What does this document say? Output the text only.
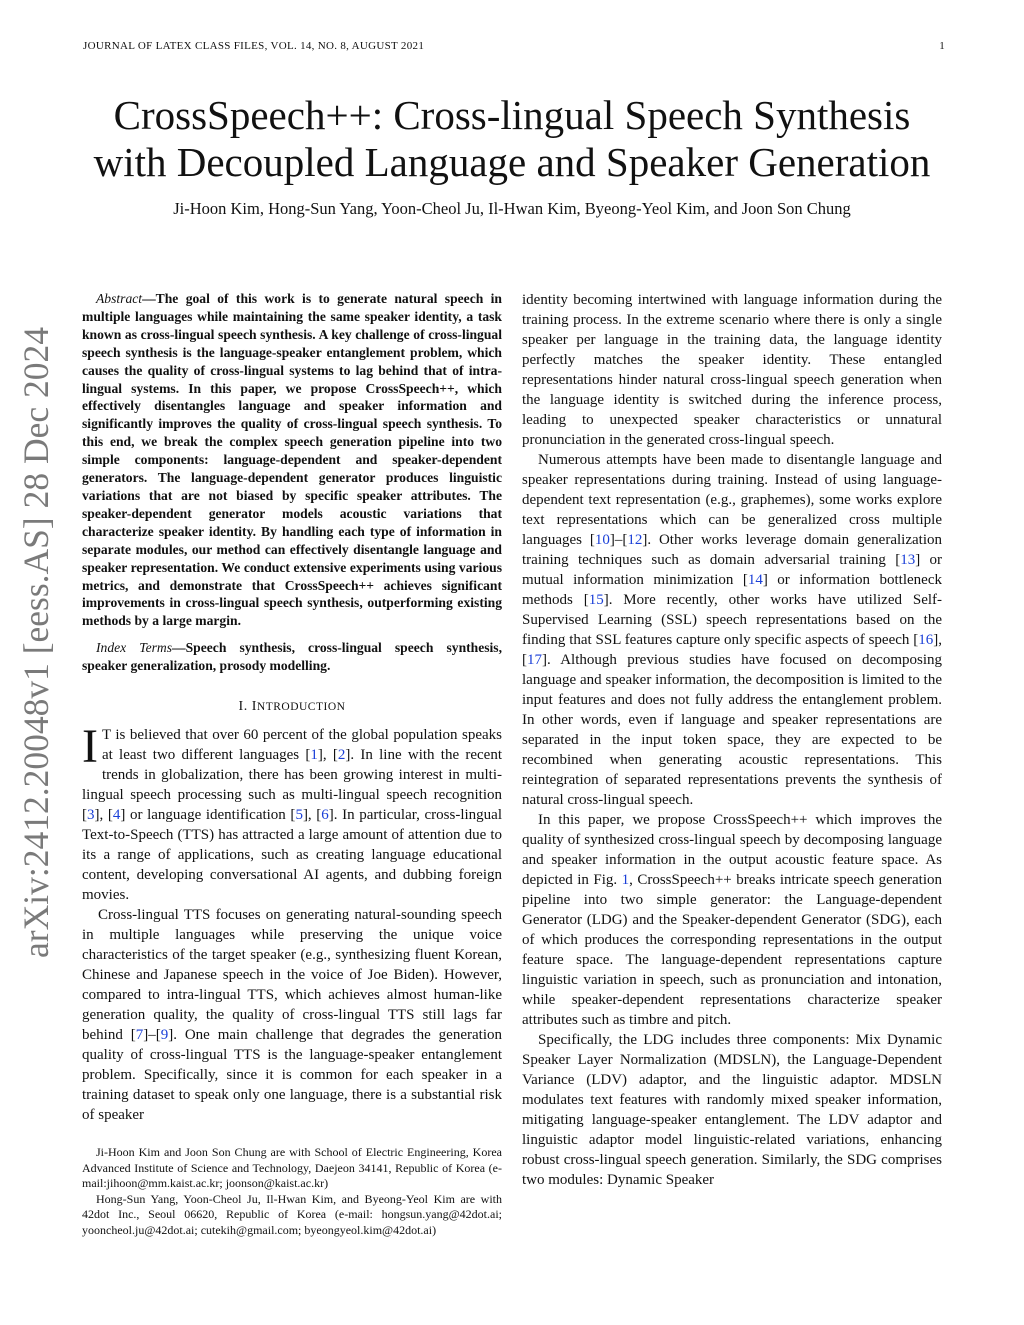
JOURNAL OF LATEX CLASS FILES, VOL. 14, NO. 8, AUGUST 2021	1
arXiv:2412.20048v1 [eess.AS] 28 Dec 2024
CrossSpeech++: Cross-lingual Speech Synthesis
with Decoupled Language and Speaker Generation
Ji-Hoon Kim, Hong-Sun Yang, Yoon-Cheol Ju, Il-Hwan Kim, Byeong-Yeol Kim, and Joon Son Chung

Abstract—The goal of this work is to generate natural speech in multiple languages while maintaining the same speaker identity, a task known as cross-lingual speech synthesis. A key challenge of cross-lingual speech synthesis is the language-speaker entanglement problem, which causes the quality of cross-lingual systems to lag behind that of intra-lingual systems. In this paper, we propose CrossSpeech++, which effectively disentangles language and speaker information and significantly improves the quality of cross-lingual speech synthesis. To this end, we break the complex speech generation pipeline into two simple components: language-dependent and speaker-dependent generators. The language-dependent generator produces linguistic variations that are not biased by specific speaker attributes. The speaker-dependent generator models acoustic variations that characterize speaker identity. By handling each type of information in separate modules, our method can effectively disentangle language and speaker representation. We conduct extensive experiments using various metrics, and demonstrate that CrossSpeech++ achieves significant improvements in cross-lingual speech synthesis, outperforming existing methods by a large margin.

Index Terms—Speech synthesis, cross-lingual speech synthesis, speaker generalization, prosody modelling.

I. INTRODUCTION

I T is believed that over 60 percent of the global population speaks at least two different languages [1], [2]. In line with the recent trends in globalization, there has been growing interest in multi-lingual speech processing such as multi-lingual speech recognition [3], [4] or language identification [5], [6]. In particular, cross-lingual Text-to-Speech (TTS) has attracted a large amount of attention due to its a range of applications, such as creating language educational content, developing conversational AI agents, and dubbing foreign movies.

Cross-lingual TTS focuses on generating natural-sounding speech in multiple languages while preserving the unique voice characteristics of the target speaker (e.g., synthesizing fluent Korean, Chinese and Japanese speech in the voice of Joe Biden). However, compared to intra-lingual TTS, which achieves almost human-like generation quality, the quality of cross-lingual TTS still lags far behind [7]–[9]. One main challenge that degrades the generation quality of cross-lingual TTS is the language-speaker entanglement problem. Specifically, since it is common for each speaker in a training dataset to speak only one language, there is a substantial risk of speaker

Ji-Hoon Kim and Joon Son Chung are with School of Electric Engineering, Korea Advanced Institute of Science and Technology, Daejeon 34141, Republic of Korea (e-mail:jihoon@mm.kaist.ac.kr; joonson@kaist.ac.kr)

Hong-Sun Yang, Yoon-Cheol Ju, Il-Hwan Kim, and Byeong-Yeol Kim are with 42dot Inc., Seoul 06620, Republic of Korea (e-mail: hongsun.yang@42dot.ai; yooncheol.ju@42dot.ai; cutekih@gmail.com; byeongyeol.kim@42dot.ai)

identity becoming intertwined with language information during the training process. In the extreme scenario where there is only a single speaker per language in the training data, the language identity perfectly matches the speaker identity. These entangled representations hinder natural cross-lingual speech generation when the language identity is switched during the inference process, leading to unexpected speaker characteristics or unnatural pronunciation in the generated cross-lingual speech.

Numerous attempts have been made to disentangle language and speaker representations during training. Instead of using language-dependent text representation (e.g., graphemes), some works explore text representations which can be generalized cross multiple languages [10]–[12]. Other works leverage domain generalization training techniques such as domain adversarial training [13] or mutual information minimization [14] or information bottleneck methods [15]. More recently, other works have utilized Self-Supervised Learning (SSL) speech representations based on the finding that SSL features capture only specific aspects of speech [16], [17]. Although previous studies have focused on decomposing language and speaker information, the decomposition is limited to the input features and does not fully address the entanglement problem. In other words, even if language and speaker representations are separated in the input token space, they are expected to be recombined when generating acoustic representations. This reintegration of separated representations prevents the synthesis of natural cross-lingual speech.

In this paper, we propose CrossSpeech++ which improves the quality of synthesized cross-lingual speech by decomposing language and speaker information in the output acoustic feature space. As depicted in Fig. 1, CrossSpeech++ breaks intricate speech generation pipeline into two simple generator: the Language-dependent Generator (LDG) and the Speaker-dependent Generator (SDG), each of which produces the corresponding representations in the output feature space. The language-dependent representations capture linguistic variation in speech, such as pronunciation and intonation, while speaker-dependent representations characterize speaker attributes such as timbre and pitch.

Specifically, the LDG includes three components: Mix Dynamic Speaker Layer Normalization (MDSLN), the Language-Dependent Variance (LDV) adaptor, and the linguistic adaptor. MDSLN modulates text features with randomly mixed speaker information, mitigating language-speaker entanglement. The LDV adaptor and linguistic adaptor model linguistic-related variations, enhancing robust cross-lingual speech generation. Similarly, the SDG comprises two modules: Dynamic Speaker
